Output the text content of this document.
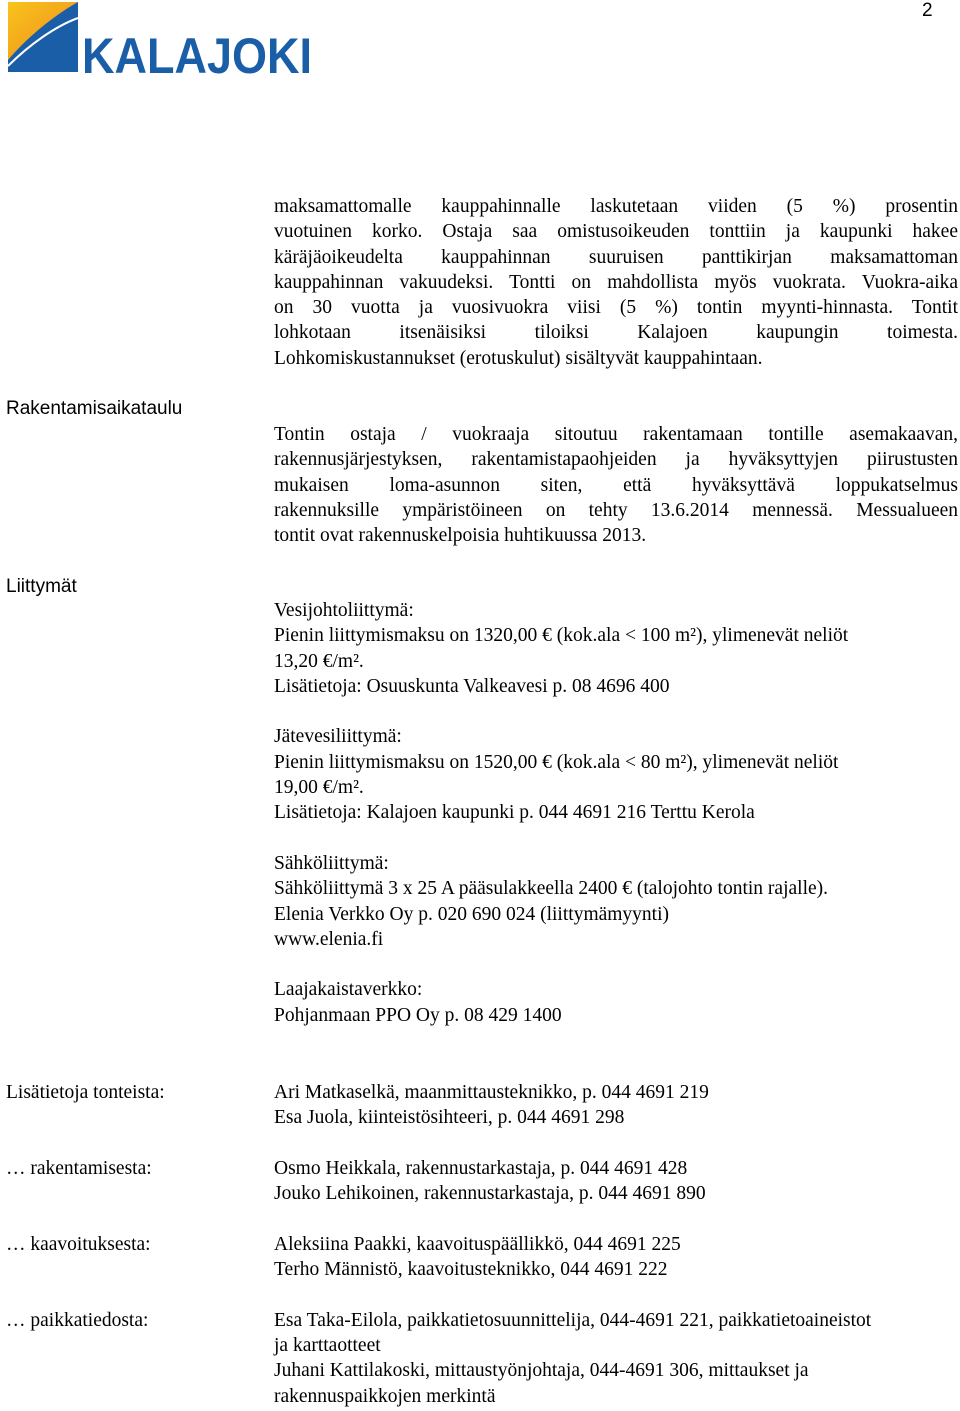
2
KALAJOKI
maksamattomalle kauppahinnalle laskutetaan viiden (5 %) prosentin
vuotuinen korko. Ostaja saa omistusoikeuden tonttiin ja kaupunki hakee
käräjäoikeudelta kauppahinnan suuruisen panttikirjan maksamattoman
kauppahinnan vakuudeksi. Tontti on mahdollista myös vuokrata. Vuokra-aika
on 30 vuotta ja vuosivuokra viisi (5 %) tontin myynti-hinnasta. Tontit
lohkotaan itsenäisiksi tiloiksi Kalajoen kaupungin toimesta.
Lohkomiskustannukset (erotuskulut) sisältyvät kauppahintaan.
Rakentamisaikataulu
Tontin ostaja / vuokraaja sitoutuu rakentamaan tontille asemakaavan,
rakennusjärjestyksen, rakentamistapaohjeiden ja hyväksyttyjen piirustusten
mukaisen loma-asunnon siten, että hyväksyttävä loppukatselmus
rakennuksille ympäristöineen on tehty 13.6.2014 mennessä. Messualueen
tontit ovat rakennuskelpoisia huhtikuussa 2013.
Liittymät
Vesijohtoliittymä:
Pienin liittymismaksu on 1320,00 € (kok.ala < 100 m²), ylimenevät neliöt
13,20 €/m².
Lisätietoja: Osuuskunta Valkeavesi p. 08 4696 400
Jätevesiliittymä:
Pienin liittymismaksu on 1520,00 € (kok.ala < 80 m²), ylimenevät neliöt
19,00 €/m².
Lisätietoja: Kalajoen kaupunki p. 044 4691 216 Terttu Kerola
Sähköliittymä:
Sähköliittymä 3 x 25 A pääsulakkeella 2400 € (talojohto tontin rajalle).
Elenia Verkko Oy p. 020 690 024 (liittymämyynti)
www.elenia.fi
Laajakaistaverkko:
Pohjanmaan PPO Oy p. 08 429 1400
Lisätietoja tonteista:	Ari Matkaselkä, maanmittausteknikko, p. 044 4691 219
Esa Juola, kiinteistösihteeri, p. 044 4691 298
… rakentamisesta:	Osmo Heikkala, rakennustarkastaja, p. 044 4691 428
Jouko Lehikoinen, rakennustarkastaja, p. 044 4691 890
… kaavoituksesta:	Aleksiina Paakki, kaavoituspäällikkö, 044 4691 225
Terho Männistö, kaavoitusteknikko, 044 4691 222
… paikkatiedosta:	Esa Taka-Eilola, paikkatietosuunnittelija, 044-4691 221, paikkatietoaineistot
ja karttaotteet
Juhani Kattilakoski, mittaustyönjohtaja, 044-4691 306, mittaukset ja
rakennuspaikkojen merkintä
